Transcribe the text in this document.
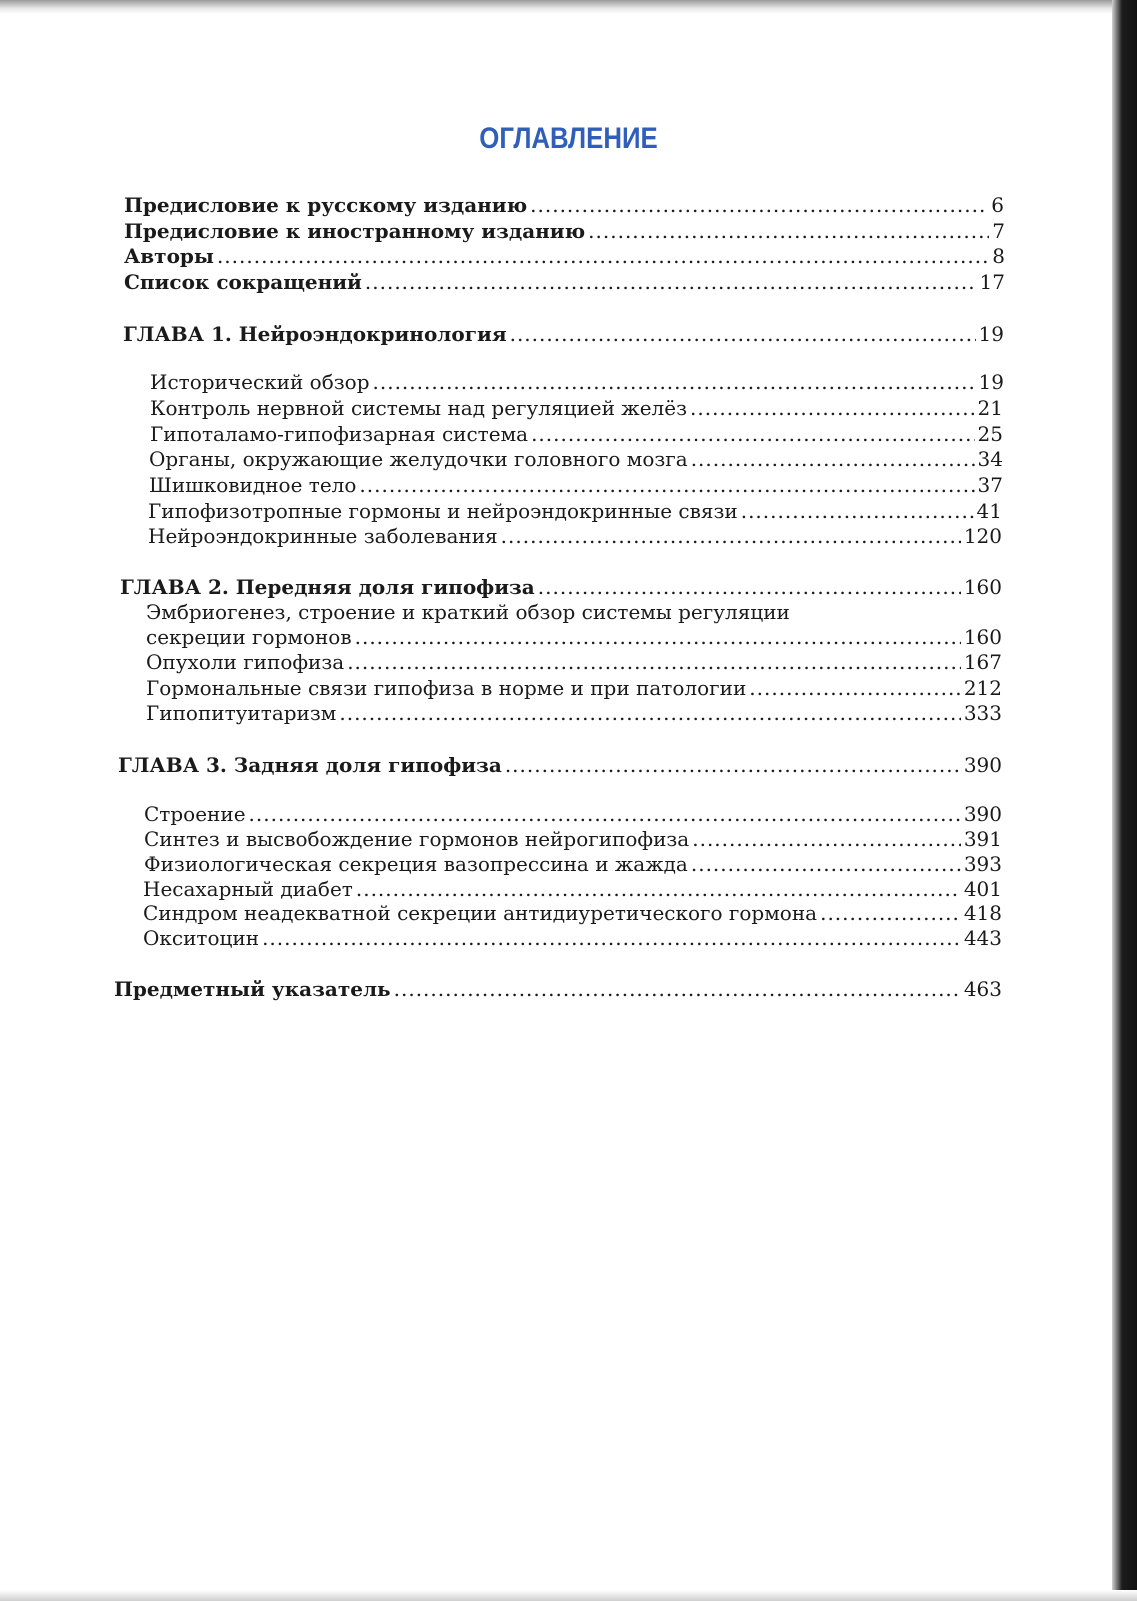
ОГЛАВЛЕНИЕ
Предисловие к русскому изданию .....	6
Предисловие к иностранному изданию .....	7
Авторы .....	8
Список сокращений .....	17
ГЛАВА 1. Нейроэндокринология .....	19
Исторический обзор .....	19
Контроль нервной системы над регуляцией желёз .....	21
Гипоталамо-гипофизарная система .....	25
Органы, окружающие желудочки головного мозга .....	34
Шишковидное тело .....	37
Гипофизотропные гормоны и нейроэндокринные связи .....	41
Нейроэндокринные заболевания .....	120
ГЛАВА 2. Передняя доля гипофиза .....	160
Эмбриогенез, строение и краткий обзор системы регуляции
секреции гормонов .....	160
Опухоли гипофиза .....	167
Гормональные связи гипофиза в норме и при патологии .....	212
Гипопитуитаризм .....	333
ГЛАВА 3. Задняя доля гипофиза .....	390
Строение .....	390
Синтез и высвобождение гормонов нейрогипофиза .....	391
Физиологическая секреция вазопрессина и жажда .....	393
Несахарный диабет .....	401
Синдром неадекватной секреции антидиуретического гормона .....	418
Окситоцин .....	443
Предметный указатель .....	463
